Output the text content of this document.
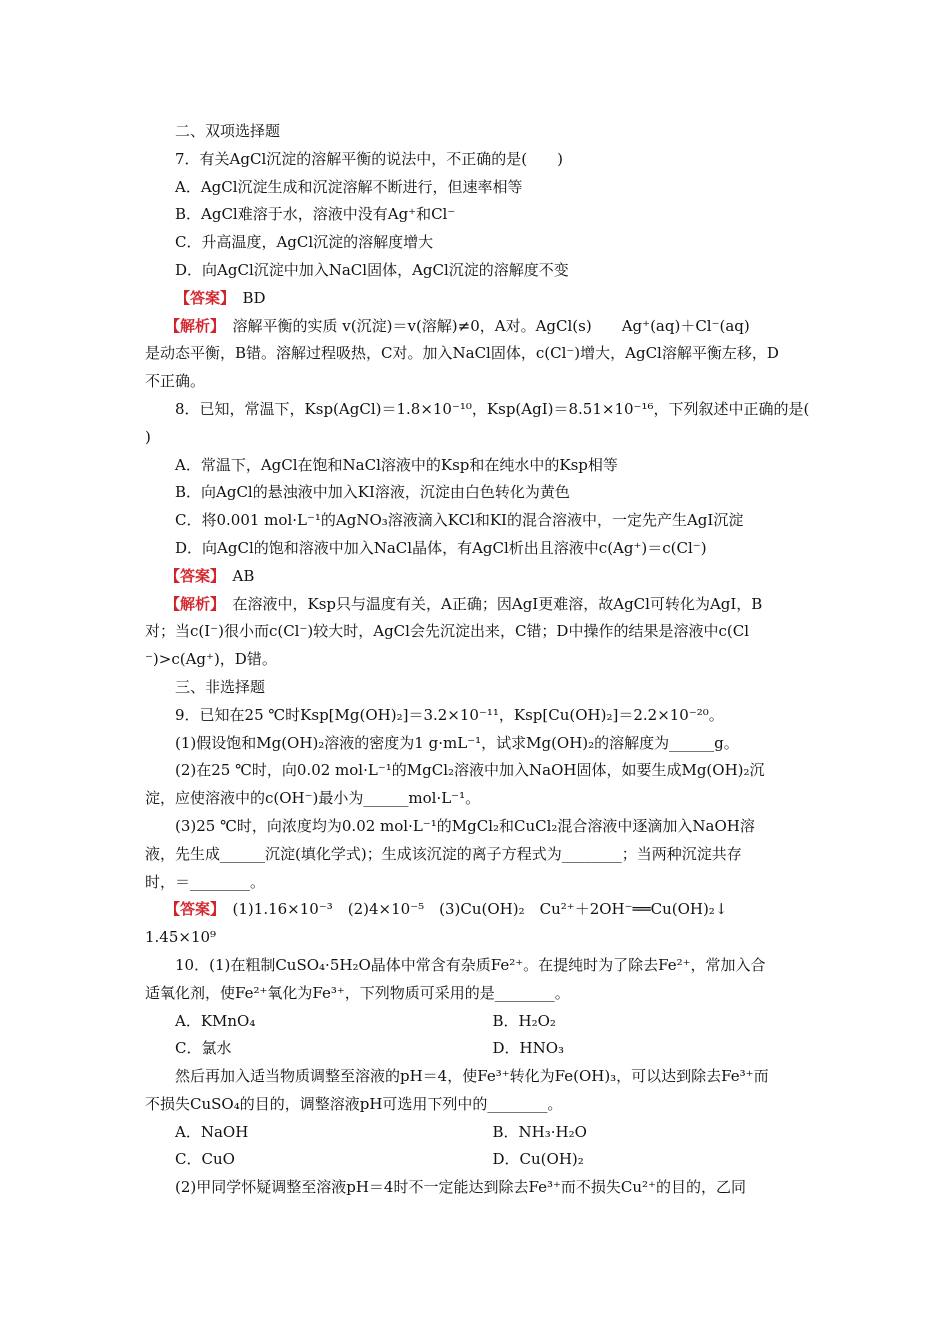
二、双项选择题
7．有关AgCl沉淀的溶解平衡的说法中，不正确的是(　　)
A．AgCl沉淀生成和沉淀溶解不断进行，但速率相等
B．AgCl难溶于水，溶液中没有Ag⁺和Cl⁻
C．升高温度，AgCl沉淀的溶解度增大
D．向AgCl沉淀中加入NaCl固体，AgCl沉淀的溶解度不变
【答案】　 BD
【解析】　 溶解平衡的实质 v(沉淀)＝v(溶解)≠0，A对。AgCl(s)　　Ag⁺(aq)＋Cl⁻(aq)
是动态平衡，B错。溶解过程吸热，C对。加入NaCl固体，c(Cl⁻)增大，AgCl溶解平衡左移，D
不正确。
8．已知，常温下，Ksp(AgCl)＝1.8×10⁻¹⁰，Ksp(AgI)＝8.51×10⁻¹⁶，下列叙述中正确的是(
)
A．常温下，AgCl在饱和NaCl溶液中的Ksp和在纯水中的Ksp相等
B．向AgCl的悬浊液中加入KI溶液，沉淀由白色转化为黄色
C．将0.001 mol·L⁻¹的AgNO₃溶液滴入KCl和KI的混合溶液中，一定先产生AgI沉淀
D．向AgCl的饱和溶液中加入NaCl晶体，有AgCl析出且溶液中c(Ag⁺)＝c(Cl⁻)
【答案】　 AB
【解析】　 在溶液中，Ksp只与温度有关，A正确；因AgI更难溶，故AgCl可转化为AgI，B
对；当c(I⁻)很小而c(Cl⁻)较大时，AgCl会先沉淀出来，C错；D中操作的结果是溶液中c(Cl
⁻)>c(Ag⁺)，D错。
三、非选择题
9．已知在25 ℃时Ksp[Mg(OH)₂]＝3.2×10⁻¹¹，Ksp[Cu(OH)₂]＝2.2×10⁻²⁰。
(1)假设饱和Mg(OH)₂溶液的密度为1 g·mL⁻¹，试求Mg(OH)₂的溶解度为______g。
(2)在25 ℃时，向0.02 mol·L⁻¹的MgCl₂溶液中加入NaOH固体，如要生成Mg(OH)₂沉
淀，应使溶液中的c(OH⁻)最小为______mol·L⁻¹。
(3)25 ℃时，向浓度均为0.02 mol·L⁻¹的MgCl₂和CuCl₂混合溶液中逐滴加入NaOH溶
液，先生成______沉淀(填化学式)；生成该沉淀的离子方程式为________；当两种沉淀共存
时，＝________。
【答案】　 (1)1.16×10⁻³　(2)4×10⁻⁵　(3)Cu(OH)₂　Cu²⁺＋2OH⁻══Cu(OH)₂↓
1.45×10⁹
10．(1)在粗制CuSO₄·5H₂O晶体中常含有杂质Fe²⁺。在提纯时为了除去Fe²⁺，常加入合
适氧化剂，使Fe²⁺氧化为Fe³⁺，下列物质可采用的是________。
A．KMnO₄	B．H₂O₂
C．氯水	D．HNO₃
然后再加入适当物质调整至溶液的pH＝4，使Fe³⁺转化为Fe(OH)₃，可以达到除去Fe³⁺而
不损失CuSO₄的目的，调整溶液pH可选用下列中的________。
A．NaOH	B．NH₃·H₂O
C．CuO	D．Cu(OH)₂
(2)甲同学怀疑调整至溶液pH＝4时不一定能达到除去Fe³⁺而不损失Cu²⁺的目的，乙同
